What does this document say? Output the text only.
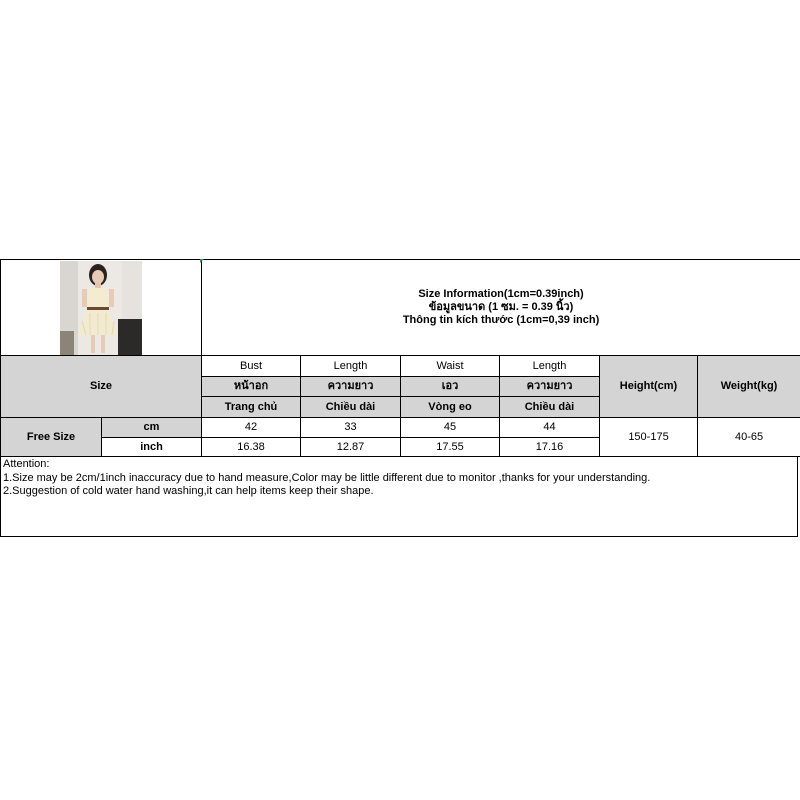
Size Information(1cm=0.39inch)
ข้อมูลขนาด (1 ซม. = 0.39 นิ้ว)
Thông tin kích thước (1cm=0,39 inch)					

Size		Bust	Length	Waist	Length	Height(cm)	Weight(kg)
		หน้าอก	ความยาว	เอว	ความยาว		
		Trang chủ	Chiều dài	Vòng eo	Chiều dài		
Free Size	cm	42	33	45	44	150-175	40-65
	inch	16.38	12.87	17.55	17.16		
Attention:
1.Size may be 2cm/1inch inaccuracy due to hand measure,Color may be little different due to monitor ,thanks for your understanding.
2.Suggestion of cold water hand washing,it can help items keep their shape.
